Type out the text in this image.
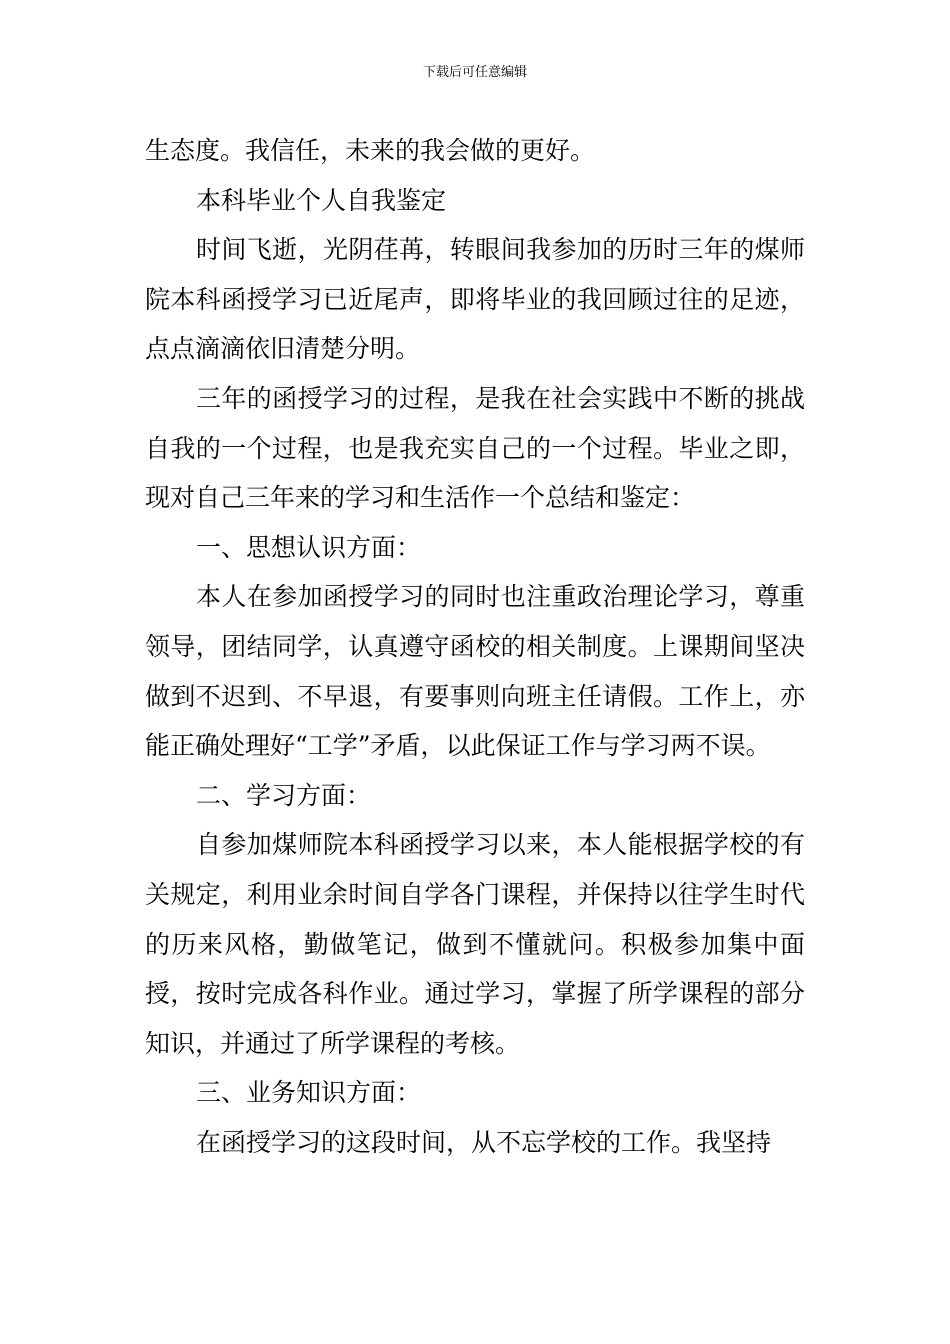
下载后可任意编辑

生态度。我信任，未来的我会做的更好。

本科毕业个人自我鉴定

时间飞逝，光阴荏苒，转眼间我参加的历时三年的煤师院本科函授学习已近尾声，即将毕业的我回顾过往的足迹，点点滴滴依旧清楚分明。

三年的函授学习的过程，是我在社会实践中不断的挑战自我的一个过程，也是我充实自己的一个过程。毕业之即，现对自己三年来的学习和生活作一个总结和鉴定：

一、思想认识方面：

本人在参加函授学习的同时也注重政治理论学习，尊重领导，团结同学，认真遵守函校的相关制度。上课期间坚决做到不迟到、不早退，有要事则向班主任请假。工作上，亦能正确处理好“工学”矛盾，以此保证工作与学习两不误。

二、学习方面：

自参加煤师院本科函授学习以来，本人能根据学校的有关规定，利用业余时间自学各门课程，并保持以往学生时代的历来风格，勤做笔记，做到不懂就问。积极参加集中面授，按时完成各科作业。通过学习，掌握了所学课程的部分知识，并通过了所学课程的考核。

三、业务知识方面：

在函授学习的这段时间，从不忘学校的工作。我坚持
